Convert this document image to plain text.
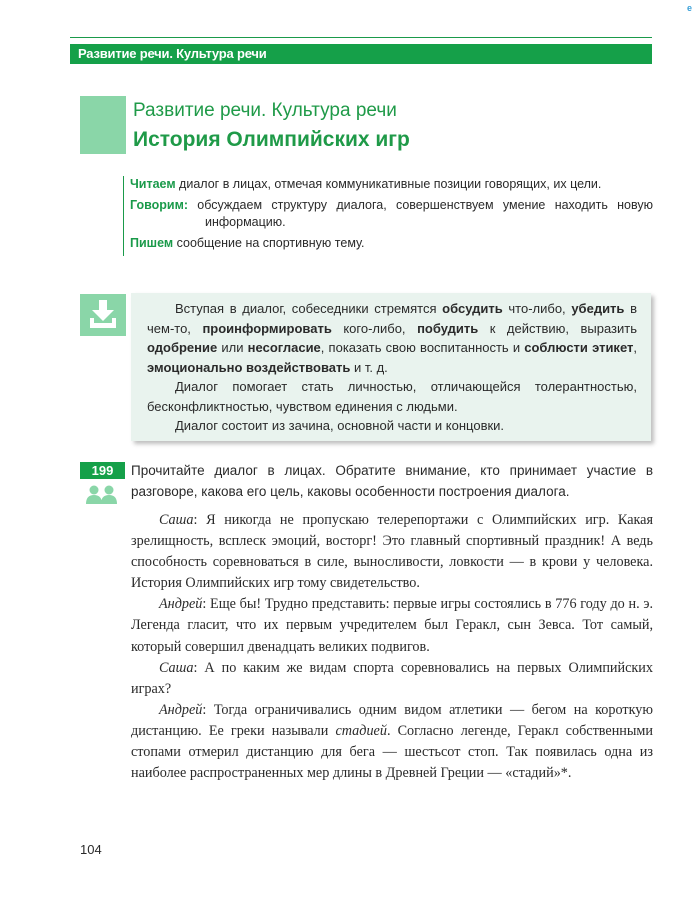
e
Развитие речи. Культура речи
Развитие речи. Культура речи
История Олимпийских игр
Читаем диалог в лицах, отмечая коммуникативные позиции говорящих, их цели.
Говорим: обсуждаем структуру диалога, совершенствуем умение находить новую информацию.
Пишем сообщение на спортивную тему.

Вступая в диалог, собеседники стремятся обсудить что-либо, убедить в чем-то, проинформировать кого-либо, побудить к действию, выразить одобрение или несогласие, показать свою воспитанность и соблюсти этикет, эмоционально воздействовать и т. д.

Диалог помогает стать личностью, отличающейся толерантностью, бесконфликтностью, чувством единения с людьми.

Диалог состоит из зачина, основной части и концовки.

199	Прочитайте диалог в лицах. Обратите внимание, кто принимает участие в разговоре, какова его цель, каковы особенности построения диалога.

Саша: Я никогда не пропускаю телерепортажи с Олимпийских игр. Какая зрелищность, всплеск эмоций, восторг! Это главный спортивный праздник! А ведь способность соревноваться в силе, выносливости, ловкости — в крови у человека. История Олимпийских игр тому свидетельство.

Андрей: Еще бы! Трудно представить: первые игры состоялись в 776 году до н. э. Легенда гласит, что их первым учредителем был Геракл, сын Зевса. Тот самый, который совершил двенадцать великих подвигов.

Саша: А по каким же видам спорта соревновались на первых Олимпийских играх?

Андрей: Тогда ограничивались одним видом атлетики — бегом на короткую дистанцию. Ее греки называли стадией. Согласно легенде, Геракл собственными стопами отмерил дистанцию для бега — шестьсот стоп. Так появилась одна из наиболее распространенных мер длины в Древней Греции — «стадий»*.

104
